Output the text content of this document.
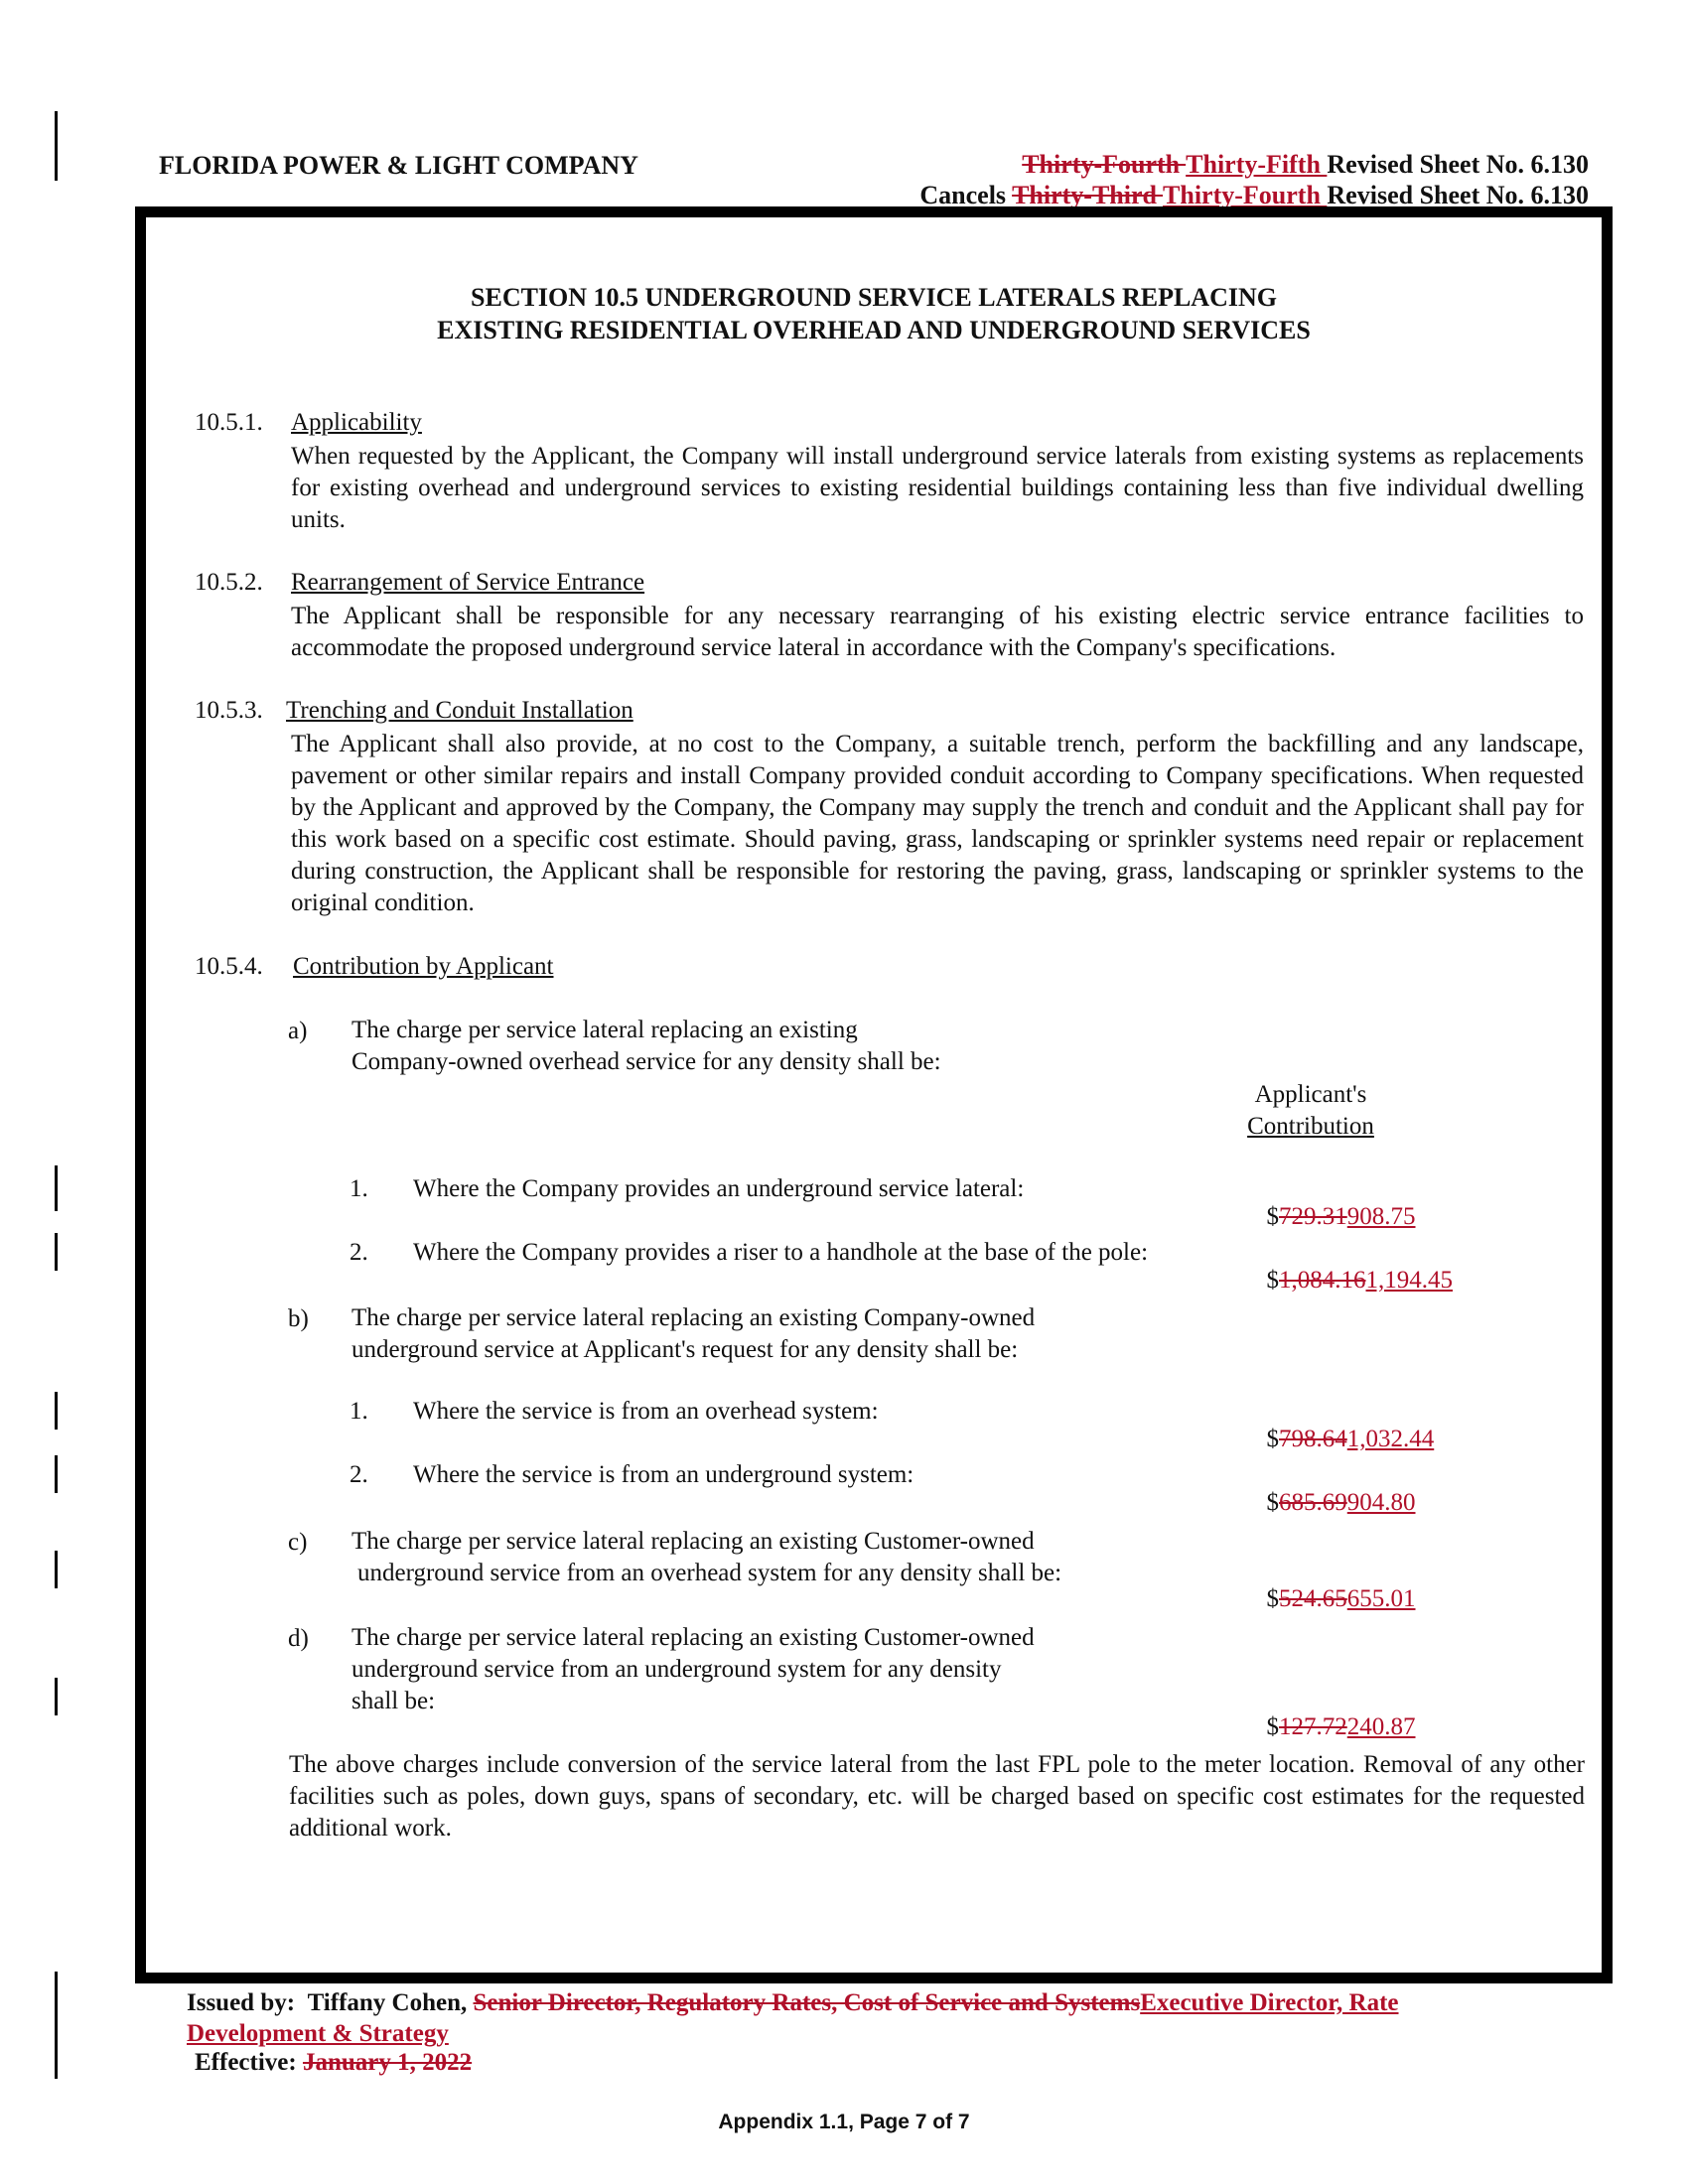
FLORIDA POWER & LIGHT COMPANY	Thirty-Fourth Thirty-Fifth Revised Sheet No. 6.130

Cancels Thirty-Third Thirty-Fourth Revised Sheet No. 6.130

SECTION 10.5 UNDERGROUND SERVICE LATERALS REPLACING
EXISTING RESIDENTIAL OVERHEAD AND UNDERGROUND SERVICES
10.5.1. Applicability
When requested by the Applicant, the Company will install underground service laterals from existing systems as replacements for existing overhead and underground services to existing residential buildings containing less than five individual dwelling units.
10.5.2. Rearrangement of Service Entrance
The Applicant shall be responsible for any necessary rearranging of his existing electric service entrance facilities to accommodate the proposed underground service lateral in accordance with the Company's specifications.
10.5.3. Trenching and Conduit Installation
The Applicant shall also provide, at no cost to the Company, a suitable trench, perform the backfilling and any landscape, pavement or other similar repairs and install Company provided conduit according to Company specifications. When requested by the Applicant and approved by the Company, the Company may supply the trench and conduit and the Applicant shall pay for this work based on a specific cost estimate. Should paving, grass, landscaping or sprinkler systems need repair or replacement during construction, the Applicant shall be responsible for restoring the paving, grass, landscaping or sprinkler systems to the original condition.
10.5.4. Contribution by Applicant
a) The charge per service lateral replacing an existing
Company-owned overhead service for any density shall be:
Applicant's
Contribution
1. Where the Company provides an underground service lateral:

$729.31908.75

2. Where the Company provides a riser to a handhole at the base of the pole:

$1,084.161,194.45

b) The charge per service lateral replacing an existing Company-owned
underground service at Applicant's request for any density shall be:
1. Where the service is from an overhead system:

$798.641,032.44

2. Where the service is from an underground system:

$685.69904.80

c) The charge per service lateral replacing an existing Customer-owned
underground service from an overhead system for any density shall be:

$524.65655.01

d) The charge per service lateral replacing an existing Customer-owned
underground service from an underground system for any density
shall be:

$127.72240.87

The above charges include conversion of the service lateral from the last FPL pole to the meter location. Removal of any other facilities such as poles, down guys, spans of secondary, etc. will be charged based on specific cost estimates for the requested additional work.
Issued by: Tiffany Cohen, Senior Director, Regulatory Rates, Cost of Service and SystemsExecutive Director, Rate
Development & Strategy
Effective: January 1, 2022
Appendix 1.1, Page 7 of 7
